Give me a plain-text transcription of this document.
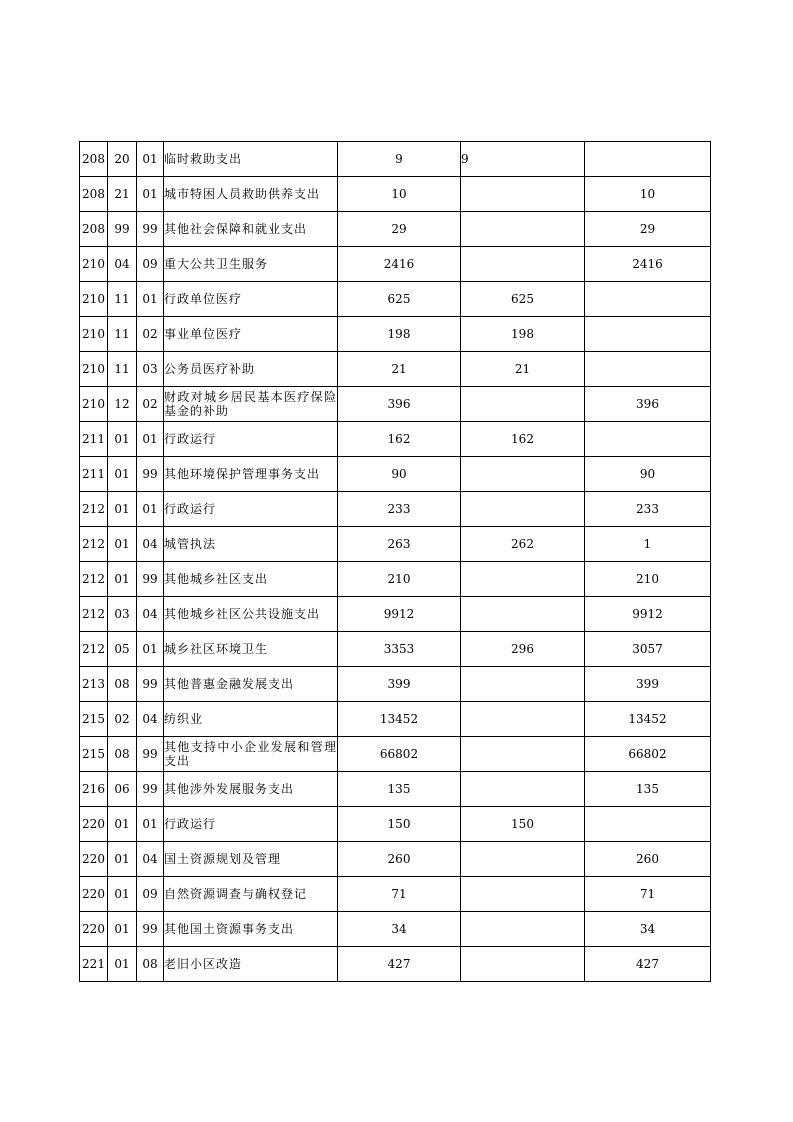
208	20	01	临时救助支出	9	9	
208	21	01	城市特困人员救助供养支出	10		10
208	99	99	其他社会保障和就业支出	29		29
210	04	09	重大公共卫生服务	2416		2416
210	11	01	行政单位医疗	625	625	
210	11	02	事业单位医疗	198	198	
210	11	03	公务员医疗补助	21	21	
210	12	02	财政对城乡居民基本医疗保险基金的补助	396		396
211	01	01	行政运行	162	162	
211	01	99	其他环境保护管理事务支出	90		90
212	01	01	行政运行	233		233
212	01	04	城管执法	263	262	1
212	01	99	其他城乡社区支出	210		210
212	03	04	其他城乡社区公共设施支出	9912		9912
212	05	01	城乡社区环境卫生	3353	296	3057
213	08	99	其他普惠金融发展支出	399		399
215	02	04	纺织业	13452		13452
215	08	99	其他支持中小企业发展和管理支出	66802		66802
216	06	99	其他涉外发展服务支出	135		135
220	01	01	行政运行	150	150	
220	01	04	国土资源规划及管理	260		260
220	01	09	自然资源调查与确权登记	71		71
220	01	99	其他国土资源事务支出	34		34
221	01	08	老旧小区改造	427		427
